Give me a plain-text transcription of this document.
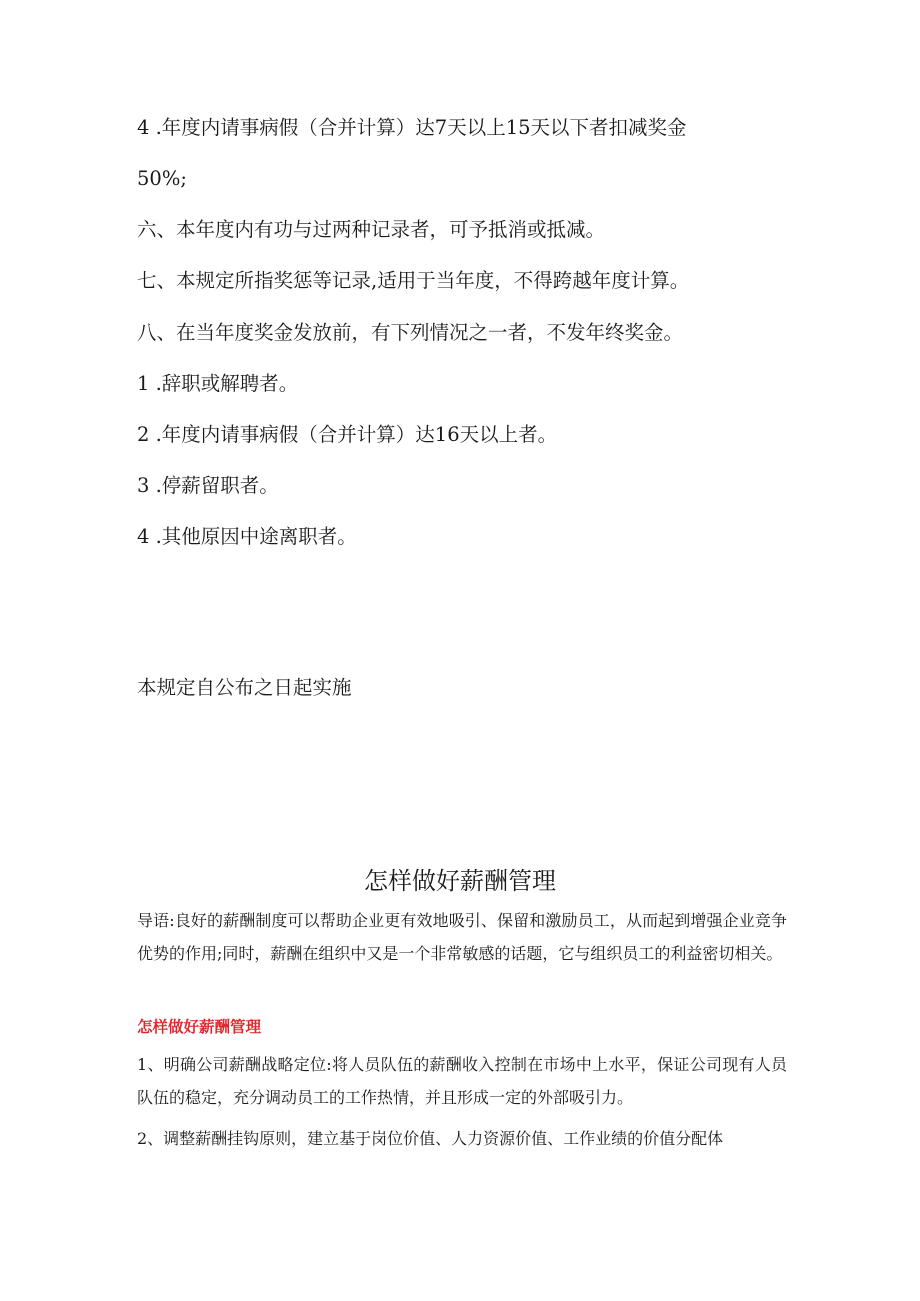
4 .年度内请事病假（合并计算）达7天以上15天以下者扣减奖金
50%;
六、本年度内有功与过两种记录者，可予抵消或抵减。
七、本规定所指奖惩等记录,适用于当年度，不得跨越年度计算。
八、在当年度奖金发放前，有下列情况之一者，不发年终奖金。
1 .辞职或解聘者。
2 .年度内请事病假（合并计算）达16天以上者。
3 .停薪留职者。
4 .其他原因中途离职者。
本规定自公布之日起实施
怎样做好薪酬管理
导语:良好的薪酬制度可以帮助企业更有效地吸引、保留和激励员工，从而起到增强企业竞争优势的作用;同时，薪酬在组织中又是一个非常敏感的话题，它与组织员工的利益密切相关。
怎样做好薪酬管理
1、明确公司薪酬战略定位:将人员队伍的薪酬收入控制在市场中上水平，保证公司现有人员队伍的稳定，充分调动员工的工作热情，并且形成一定的外部吸引力。
2、调整薪酬挂钩原则，建立基于岗位价值、人力资源价值、工作业绩的价值分配体
